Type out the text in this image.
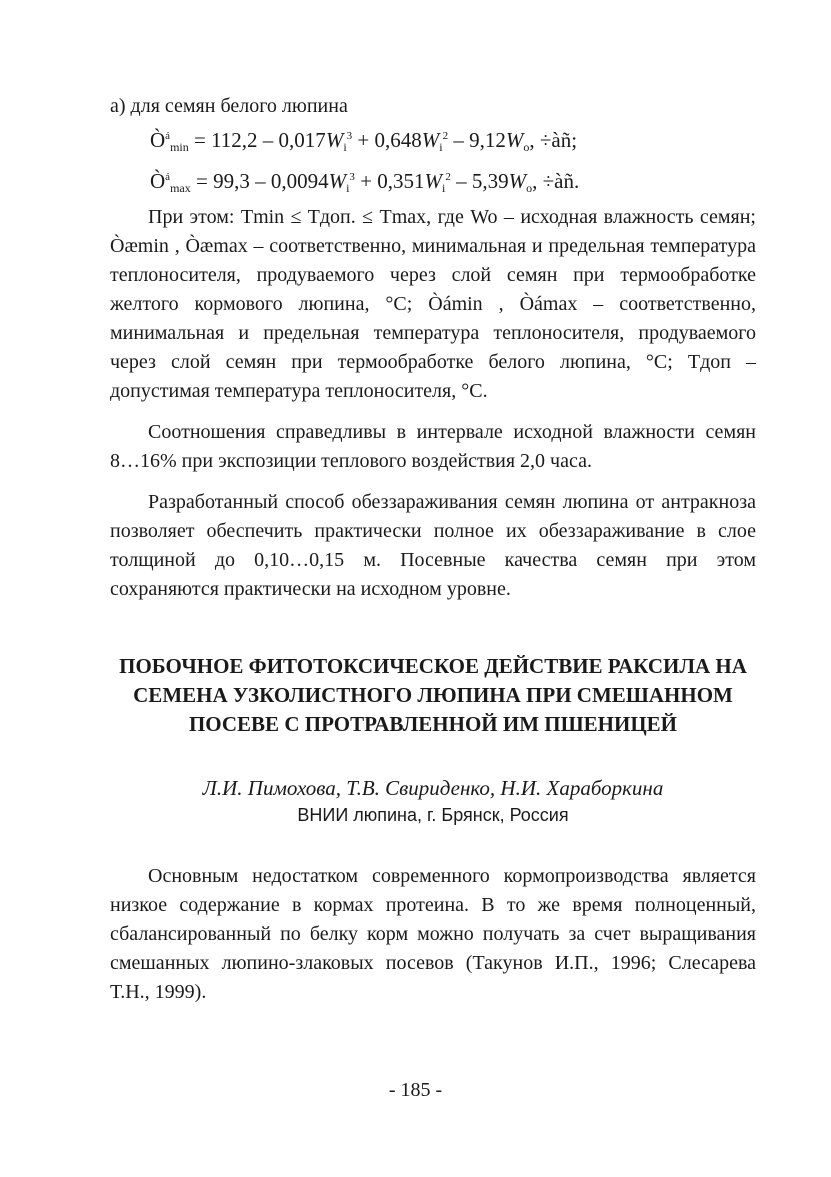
а) для семян белого люпина

$Ò^á_{min} = 112,2 - 0,017W_i^3 + 0,648W_i^2 - 9,12W_o$, ÷àñ;
$Ò^á_{max} = 99,3 - 0,0094W_i^3 + 0,351W_i^2 - 5,39W_o$, ÷àñ.

При этом: Tmin ≤ Tдоп. ≤ Tmax, где Wo – исходная влажность семян; Òæmin , Òæmax – соответственно, минимальная и предельная температура теплоносителя, продуваемого через слой семян при термообработке желтого кормового люпина, °С; Òámin , Òámax – соответственно, минимальная и предельная температура теплоносителя, продуваемого через слой семян при термообработке белого люпина, °С; Tдоп – допустимая температура теплоносителя, °С.

Соотношения справедливы в интервале исходной влажности семян 8…16% при экспозиции теплового воздействия 2,0 часа.

Разработанный способ обеззараживания семян люпина от антракноза позволяет обеспечить практически полное их обеззараживание в слое толщиной до 0,10…0,15 м. Посевные качества семян при этом сохраняются практически на исходном уровне.

ПОБОЧНОЕ ФИТОТОКСИЧЕСКОЕ ДЕЙСТВИЕ РАКСИЛА НА СЕМЕНА УЗКОЛИСТНОГО ЛЮПИНА ПРИ СМЕШАННОМ ПОСЕВЕ С ПРОТРАВЛЕННОЙ ИМ ПШЕНИЦЕЙ
Л.И. Пимохова, Т.В. Свириденко, Н.И. Хараборкина
ВНИИ люпина, г. Брянск, Россия

Основным недостатком современного кормопроизводства является низкое содержание в кормах протеина. В то же время полноценный, сбалансированный по белку корм можно получать за счет выращивания смешанных люпино-злаковых посевов (Такунов И.П., 1996; Слесарева Т.Н., 1999).

- 185 -
